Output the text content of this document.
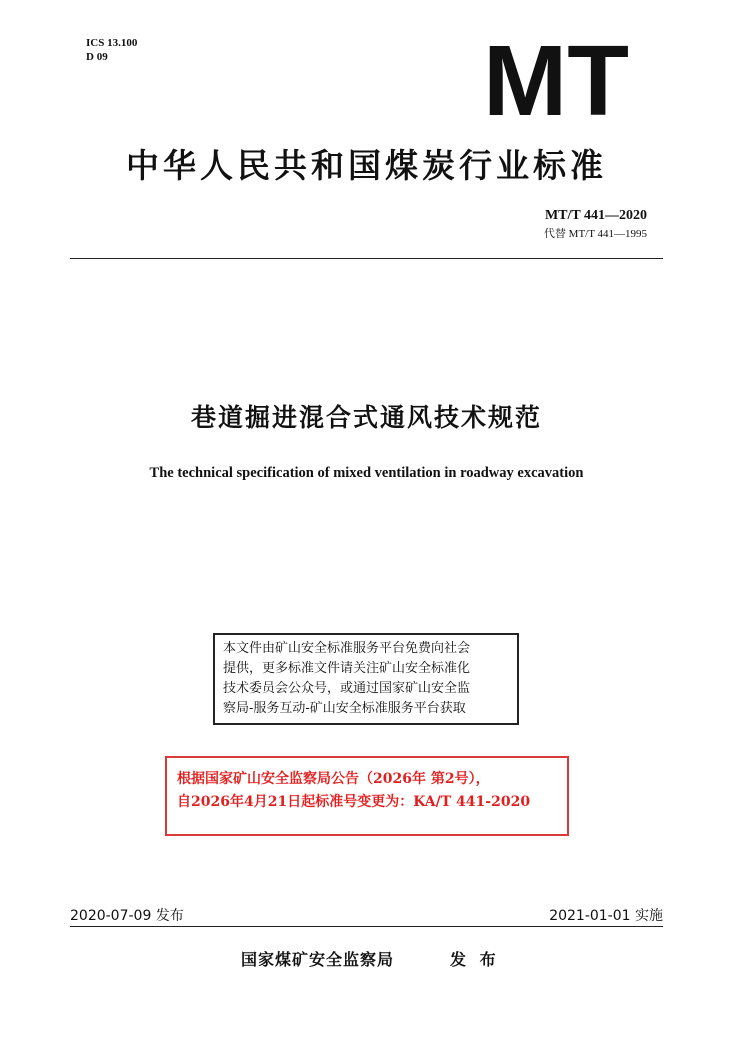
ICS 13.100
D 09	MT
中华人民共和国煤炭行业标准
MT/T 441—2020
代替 MT/T 441—1995
巷道掘进混合式通风技术规范
The technical specification of mixed ventilation in roadway excavation
本文件由矿山安全标准服务平台免费向社会
提供，更多标准文件请关注矿山安全标准化
技术委员会公众号，或通过国家矿山安全监
察局-服务互动-矿山安全标准服务平台获取
根据国家矿山安全监察局公告（2026年 第2号），
自2026年4月21日起标准号变更为：KA/T 441-2020
2020-07-09 发布	2021-01-01 实施
国家煤矿安全监察局	发 布
